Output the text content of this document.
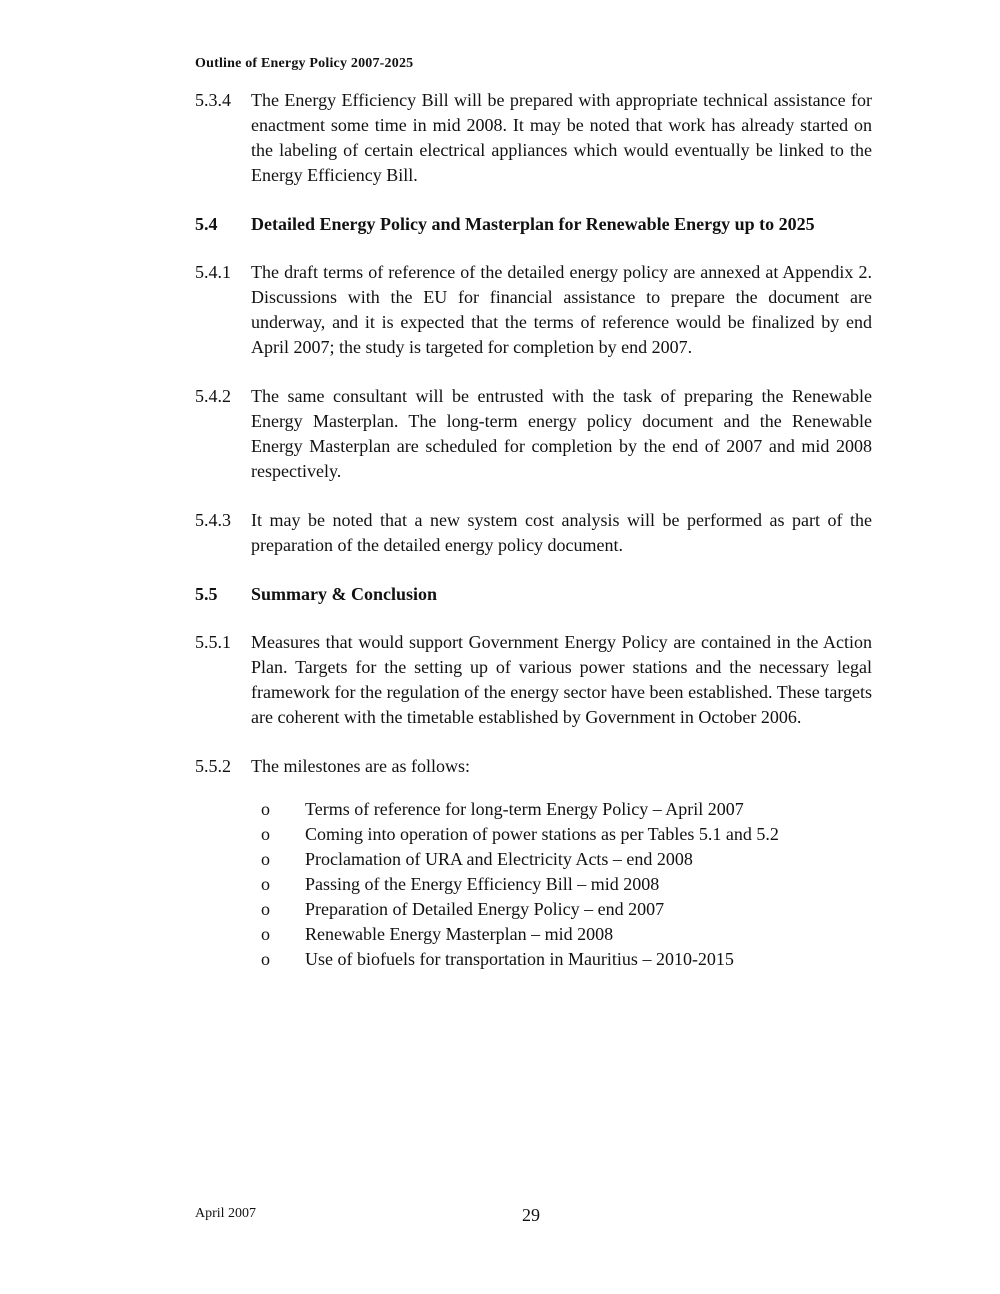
Outline of Energy Policy 2007-2025
5.3.4	The Energy Efficiency Bill will be prepared with appropriate technical assistance for enactment some time in mid 2008. It may be noted that work has already started on the labeling of certain electrical appliances which would eventually be linked to the Energy Efficiency Bill.
5.4	Detailed Energy Policy and Masterplan for Renewable Energy up to 2025
5.4.1	The draft terms of reference of the detailed energy policy are annexed at Appendix 2. Discussions with the EU for financial assistance to prepare the document are underway, and it is expected that the terms of reference would be finalized by end April 2007; the study is targeted for completion by end 2007.
5.4.2	The same consultant will be entrusted with the task of preparing the Renewable Energy Masterplan. The long-term energy policy document and the Renewable Energy Masterplan are scheduled for completion by the end of 2007 and mid 2008 respectively.
5.4.3	It may be noted that a new system cost analysis will be performed as part of the preparation of the detailed energy policy document.
5.5	Summary & Conclusion
5.5.1	Measures that would support Government Energy Policy are contained in the Action Plan. Targets for the setting up of various power stations and the necessary legal framework for the regulation of the energy sector have been established. These targets are coherent with the timetable established by Government in October 2006.
5.5.2	The milestones are as follows:
o	Terms of reference for long-term Energy Policy – April 2007
o	Coming into operation of power stations as per Tables 5.1 and 5.2
o	Proclamation of URA and Electricity Acts – end 2008
o	Passing of the Energy Efficiency Bill – mid 2008
o	Preparation of Detailed Energy Policy – end 2007
o	Renewable Energy Masterplan – mid 2008
o	Use of biofuels for transportation in Mauritius – 2010-2015
April 2007	29
